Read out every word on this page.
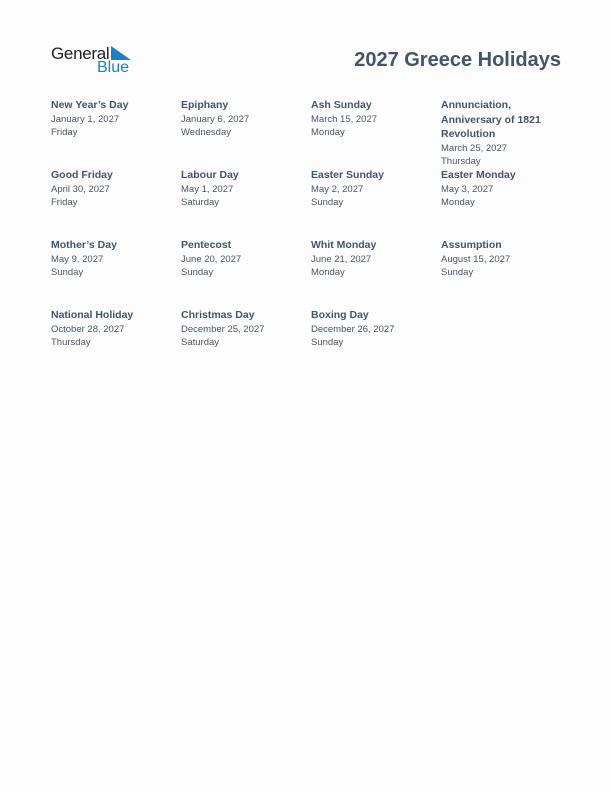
General
Blue	2027 Greece Holidays
New Year’s Day
January 1, 2027
Friday
Epiphany
January 6, 2027
Wednesday
Ash Sunday
March 15, 2027
Monday
Annunciation, Anniversary of 1821 Revolution
March 25, 2027
Thursday
Good Friday
April 30, 2027
Friday
Labour Day
May 1, 2027
Saturday
Easter Sunday
May 2, 2027
Sunday
Easter Monday
May 3, 2027
Monday
Mother’s Day
May 9, 2027
Sunday
Pentecost
June 20, 2027
Sunday
Whit Monday
June 21, 2027
Monday
Assumption
August 15, 2027
Sunday
National Holiday
October 28, 2027
Thursday
Christmas Day
December 25, 2027
Saturday
Boxing Day
December 26, 2027
Sunday
